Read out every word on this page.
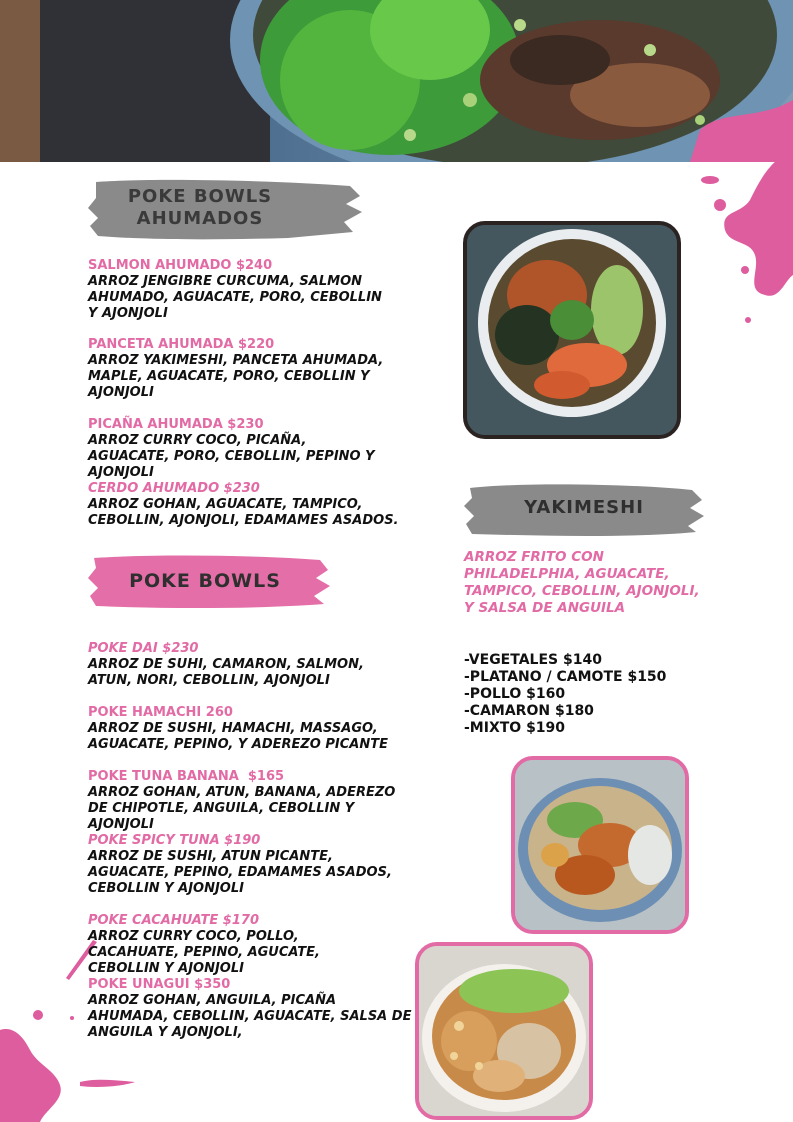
POKE BOWLS AHUMADOS
SALMON AHUMADO $240
ARROZ JENGIBRE CURCUMA, SALMON AHUMADO, AGUACATE, PORO, CEBOLLIN Y AJONJOLI
PANCETA AHUMADA $220
ARROZ YAKIMESHI, PANCETA AHUMADA, MAPLE, AGUACATE, PORO, CEBOLLIN Y AJONJOLI
PICAÑA AHUMADA $230
ARROZ CURRY COCO, PICAÑA, AGUACATE, PORO, CEBOLLIN, PEPINO Y AJONJOLI
CERDO AHUMADO $230
ARROZ GOHAN, AGUACATE, TAMPICO, CEBOLLIN, AJONJOLI, EDAMAMES ASADOS.
POKE BOWLS
POKE DAI $230
ARROZ DE SUHI, CAMARON, SALMON, ATUN, NORI, CEBOLLIN, AJONJOLI
POKE HAMACHI 260
ARROZ DE SUSHI, HAMACHI, MASSAGO, AGUACATE, PEPINO, Y ADEREZO PICANTE
POKE TUNA BANANA  $165
ARROZ GOHAN, ATUN, BANANA, ADEREZO DE CHIPOTLE, ANGUILA, CEBOLLIN Y AJONJOLI
POKE SPICY TUNA $190
ARROZ DE SUSHI, ATUN PICANTE, AGUACATE, PEPINO, EDAMAMES ASADOS, CEBOLLIN Y AJONJOLI
POKE CACAHUATE $170
ARROZ CURRY COCO, POLLO, CACAHUATE, PEPINO, AGUCATE, CEBOLLIN Y AJONJOLI
POKE UNAGUI $350
ARROZ GOHAN, ANGUILA, PICAÑA AHUMADA, CEBOLLIN, AGUACATE, SALSA DE ANGUILA Y AJONJOLI,
YAKIMESHI
ARROZ FRITO CON PHILADELPHIA, AGUACATE, TAMPICO, CEBOLLIN, AJONJOLI, Y SALSA DE ANGUILA
-VEGETALES $140
-PLATANO / CAMOTE $150
-POLLO $160
-CAMARON $180
-MIXTO $190
